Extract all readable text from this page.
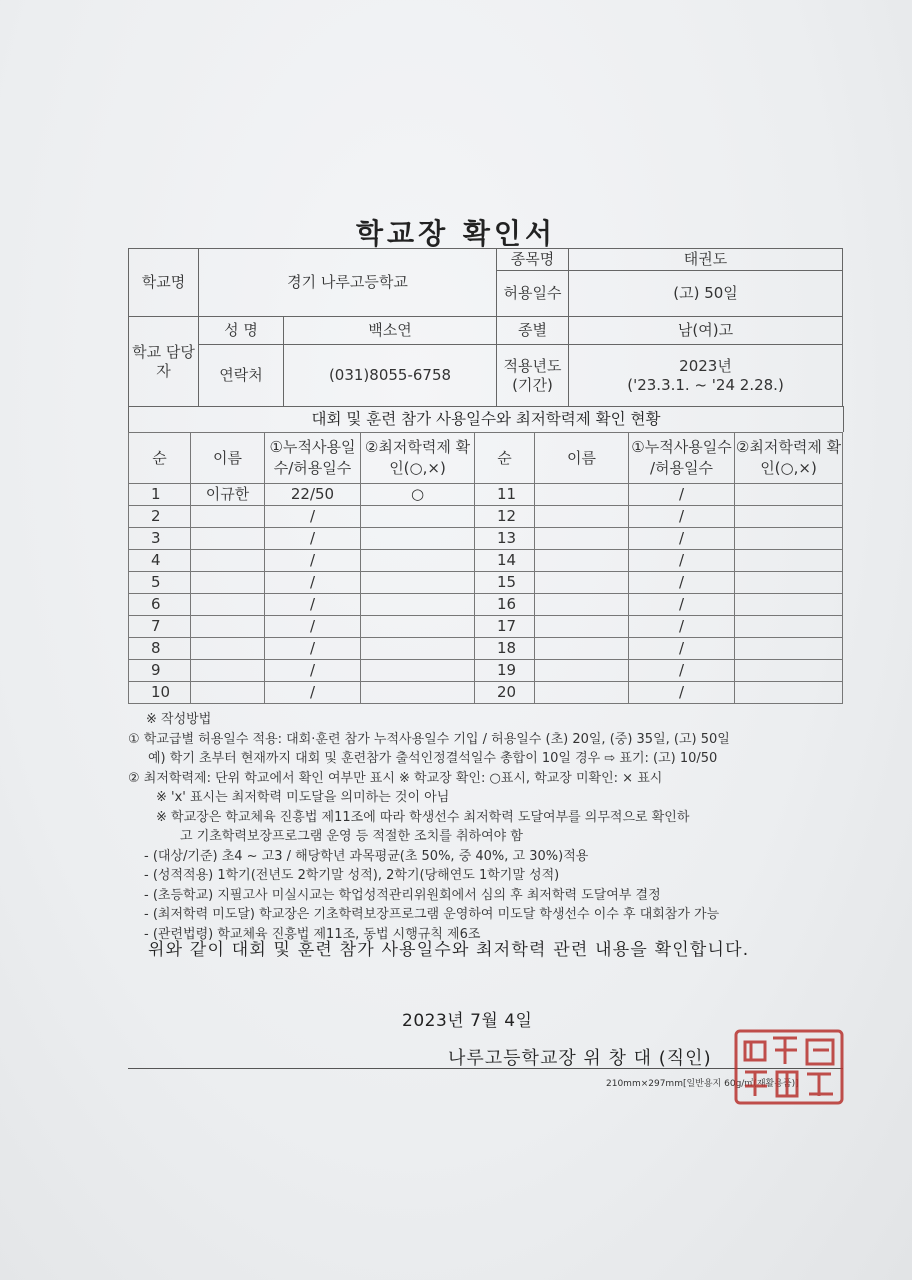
학교장 확인서
학교명	경기 나루고등학교		종목명	태권도
			허용일수	(고) 50일
학교 담당자	성 명	백소연	종별	남(여)고
	연락처	(031)8055-6758	적용년도 (기간)	2023년
('23.3.1. ~ '24 2.28.)
대회 및 훈련 참가 사용일수와 최저학력제 확인 현황
순	이름	①누적사용일수/허용일수	②최저학력제 확인(○,×)	순	이름	①누적사용일수 /허용일수	②최저학력제 확인(○,×)
1	이규한	22/50	○	11		/	
2		/		12		/	
3		/		13		/	
4		/		14		/	
5		/		15		/	
6		/		16		/	
7		/		17		/	
8		/		18		/	
9		/		19		/	
10		/		20		/	
※ 작성방법
① 학교급별 허용일수 적용: 대회·훈련 참가 누적사용일수 기입 / 허용일수 (초) 20일, (중) 35일, (고) 50일
예) 학기 초부터 현재까지 대회 및 훈련참가 출석인정결석일수 총합이 10일 경우 ⇨ 표기: (고) 10/50
② 최저학력제: 단위 학교에서 확인 여부만 표시 ※ 학교장 확인: ○표시, 학교장 미확인: × 표시
※ 'x' 표시는 최저학력 미도달을 의미하는 것이 아님
※ 학교장은 학교체육 진흥법 제11조에 따라 학생선수 최저학력 도달여부를 의무적으로 확인하
고 기초학력보장프로그램 운영 등 적절한 조치를 취하여야 함
- (대상/기준) 초4 ~ 고3 / 해당학년 과목평균(초 50%, 중 40%, 고 30%)적용
- (성적적용) 1학기(전년도 2학기말 성적), 2학기(당해연도 1학기말 성적)
- (초등학교) 지필고사 미실시교는 학업성적관리위원회에서 심의 후 최저학력 도달여부 결정
- (최저학력 미도달) 학교장은 기초학력보장프로그램 운영하여 미도달 학생선수 이수 후 대회참가 가능
- (관련법령) 학교체육 진흥법 제11조, 동법 시행규칙 제6조
위와 같이 대회 및 훈련 참가 사용일수와 최저학력 관련 내용을 확인합니다.
2023년 7월 4일
나루고등학교장 위 창 대 (직인)
210mm×297mm[일반용지 60g/㎡(재활용품)]
